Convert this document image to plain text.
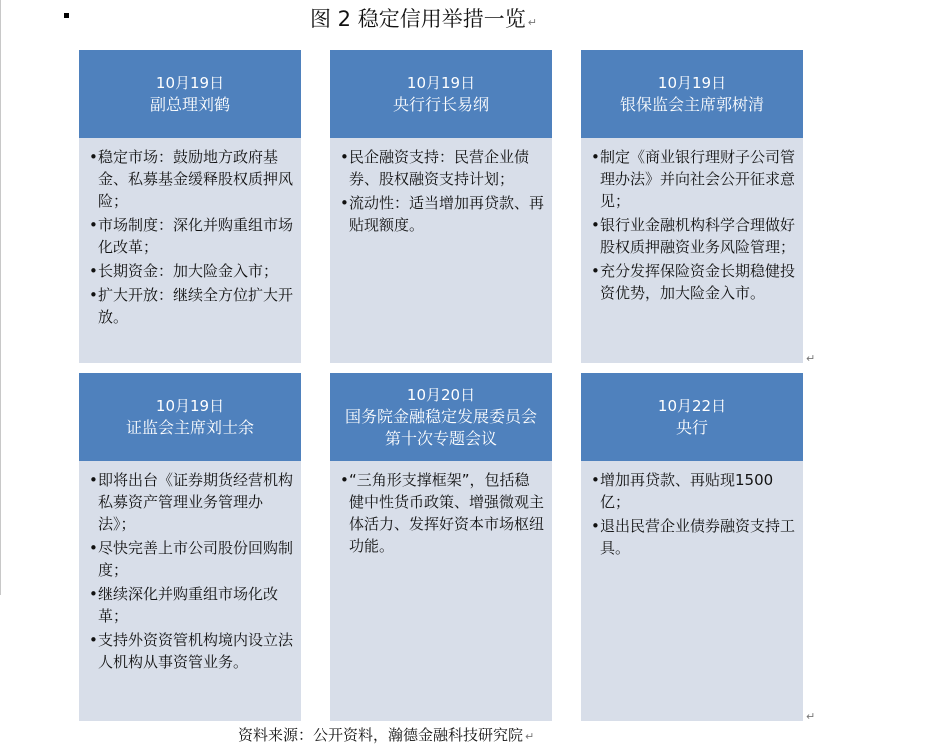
图 2 稳定信用举措一览 ↵
10月19日
副总理刘鹤
• 稳定市场：鼓励地方政府基金、私募基金缓释股权质押风险；
• 市场制度：深化并购重组市场化改革；
• 长期资金：加大险金入市；
• 扩大开放：继续全方位扩大开放。
10月19日
央行行长易纲
• 民企融资支持：民营企业债券、股权融资支持计划；
• 流动性：适当增加再贷款、再贴现额度。
10月19日
银保监会主席郭树清
• 制定《商业银行理财子公司管理办法》并向社会公开征求意见；
• 银行业金融机构科学合理做好股权质押融资业务风险管理；
• 充分发挥保险资金长期稳健投资优势，加大险金入市。
↵
10月19日
证监会主席刘士余
• 即将出台《证券期货经营机构私募资产管理业务管理办法》；
• 尽快完善上市公司股份回购制度；
• 继续深化并购重组市场化改革；
• 支持外资资管机构境内设立法人机构从事资管业务。
10月20日
国务院金融稳定发展委员会第十次专题会议
• “三角形支撑框架”，包括稳健中性货币政策、增强微观主体活力、发挥好资本市场枢纽功能。
10月22日
央行
• 增加再贷款、再贴现1500亿；
• 退出民营企业债券融资支持工具。
↵
资料来源：公开资料，瀚德金融科技研究院 ↵
